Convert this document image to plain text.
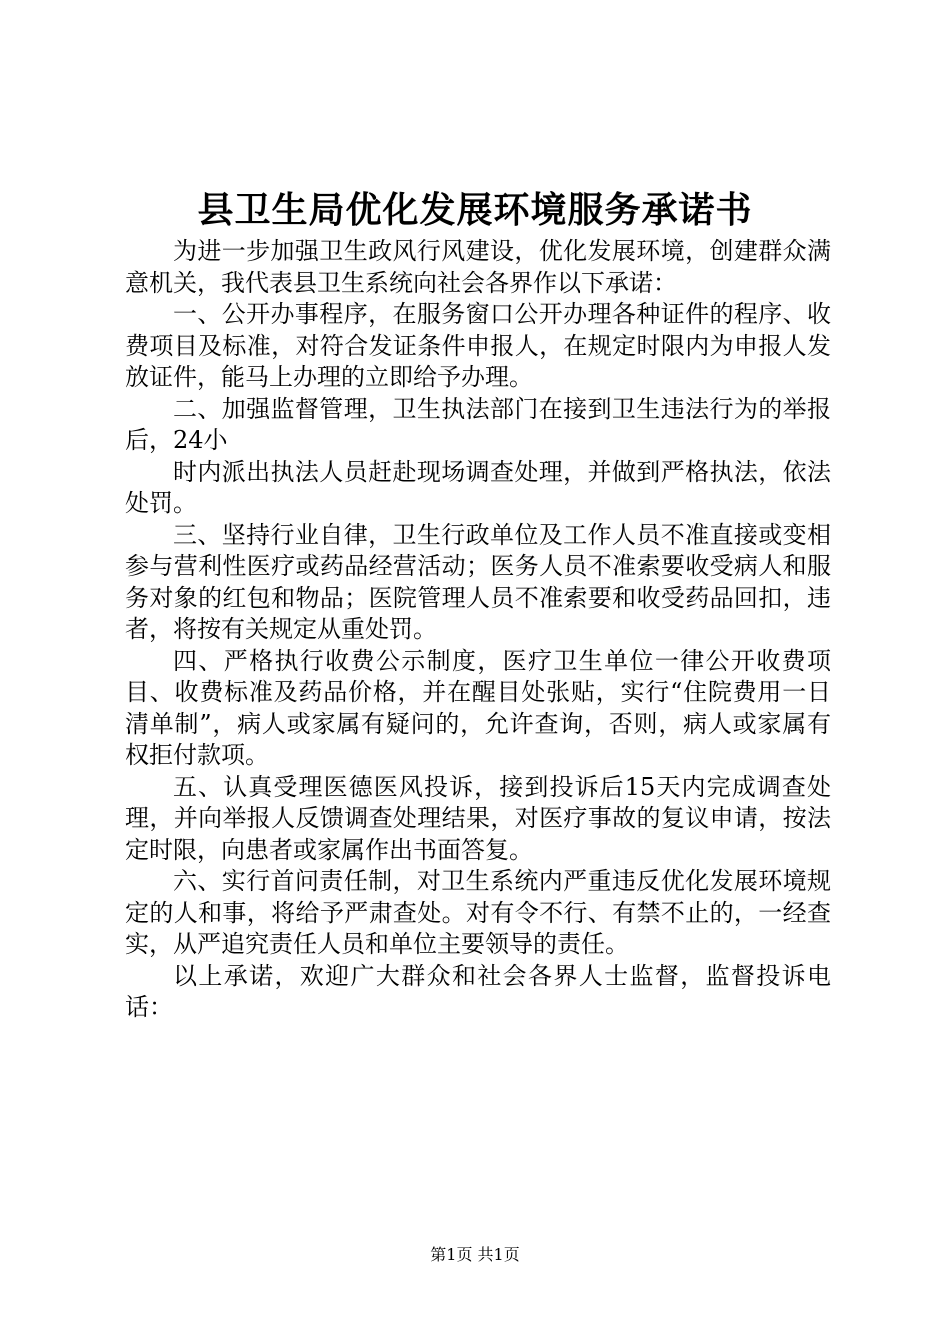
县卫生局优化发展环境服务承诺书

为进一步加强卫生政风行风建设，优化发展环境，创建群众满意机关，我代表县卫生系统向社会各界作以下承诺：

一、公开办事程序，在服务窗口公开办理各种证件的程序、收费项目及标准，对符合发证条件申报人，在规定时限内为申报人发放证件，能马上办理的立即给予办理。

二、加强监督管理，卫生执法部门在接到卫生违法行为的举报后，24小

时内派出执法人员赶赴现场调查处理，并做到严格执法，依法处罚。

三、坚持行业自律，卫生行政单位及工作人员不准直接或变相参与营利性医疗或药品经营活动；医务人员不准索要收受病人和服务对象的红包和物品；医院管理人员不准索要和收受药品回扣，违者，将按有关规定从重处罚。

四、严格执行收费公示制度，医疗卫生单位一律公开收费项目、收费标准及药品价格，并在醒目处张贴，实行“住院费用一日清单制”，病人或家属有疑问的，允许查询，否则，病人或家属有权拒付款项。

五、认真受理医德医风投诉，接到投诉后15天内完成调查处理，并向举报人反馈调查处理结果，对医疗事故的复议申请，按法定时限，向患者或家属作出书面答复。

六、实行首问责任制，对卫生系统内严重违反优化发展环境规定的人和事，将给予严肃查处。对有令不行、有禁不止的，一经查实，从严追究责任人员和单位主要领导的责任。

以上承诺，欢迎广大群众和社会各界人士监督，监督投诉电话：

第1页 共1页
